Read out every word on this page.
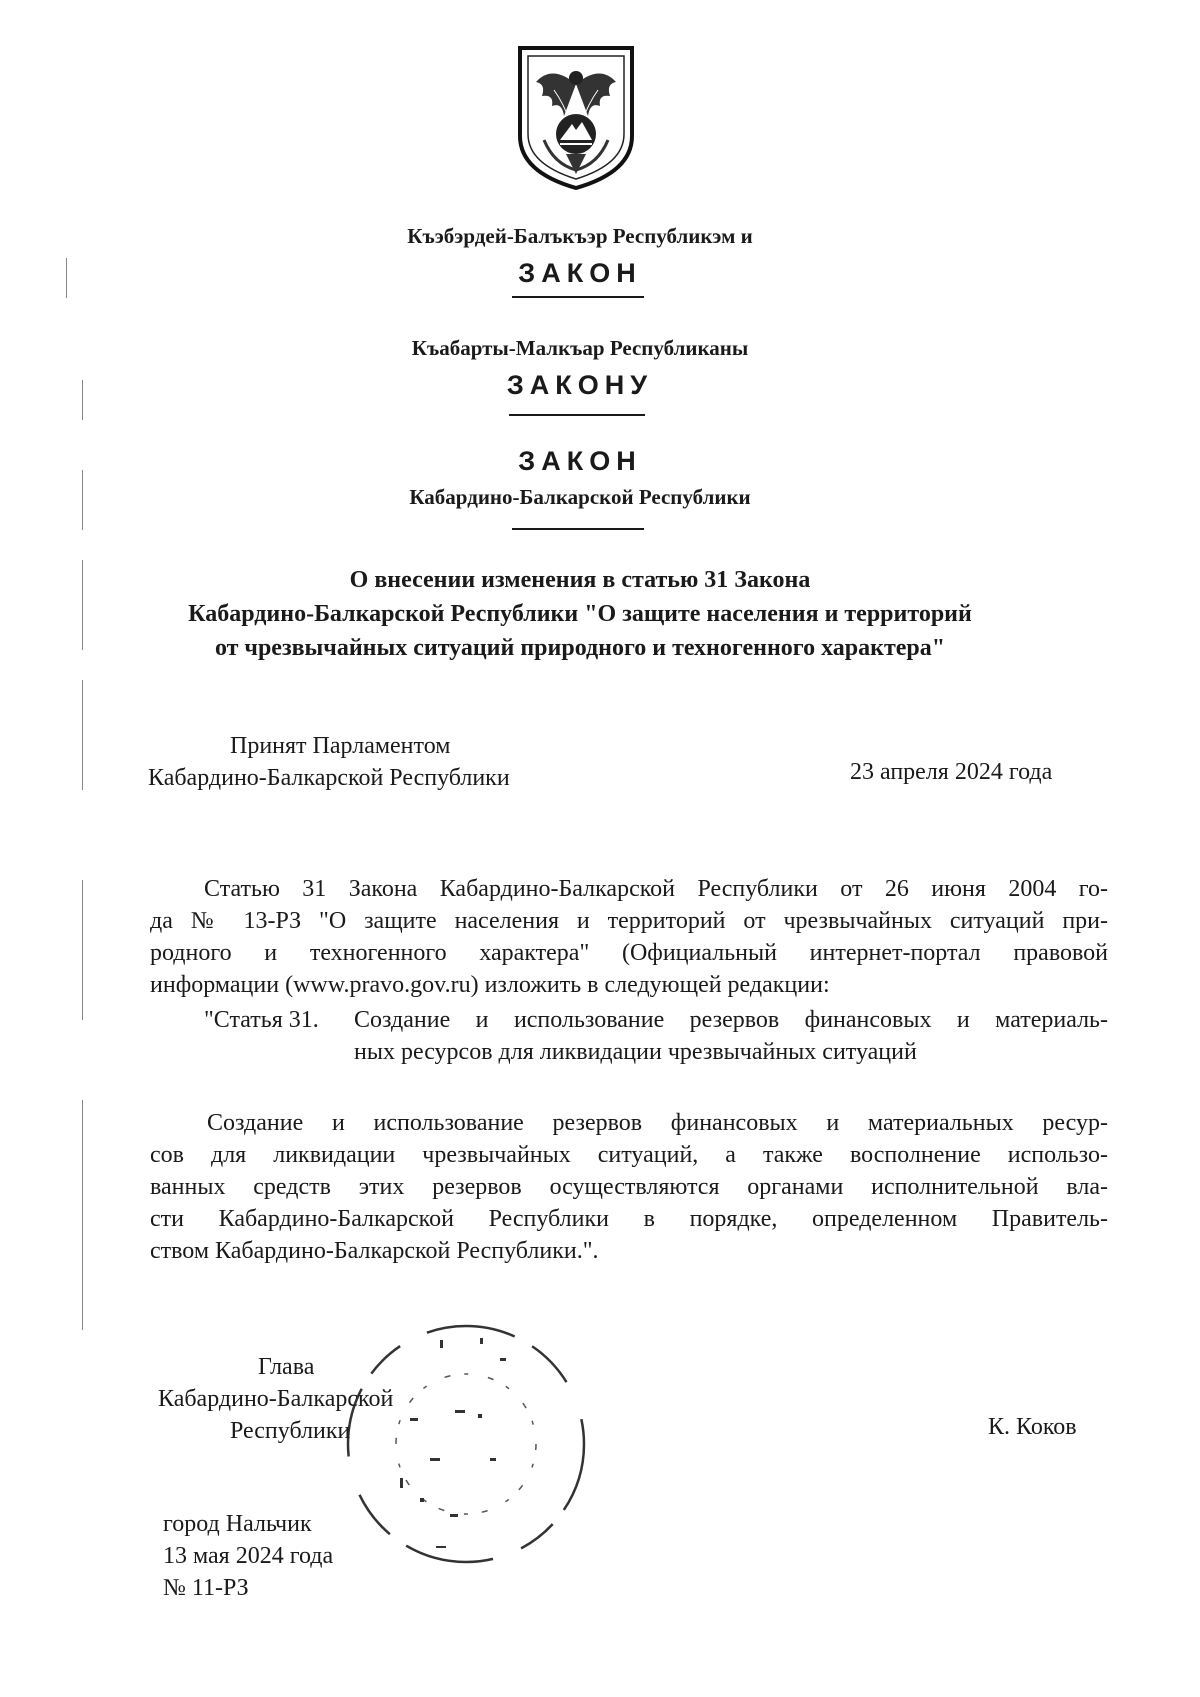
Къэбэрдей-Балъкъэр Республикэм и
ЗАКОН
Къабарты-Малкъар Республиканы
ЗАКОНУ
ЗАКОН
Кабардино-Балкарской Республики
О внесении изменения в статью 31 Закона
Кабардино-Балкарской Республики "О защите населения и территорий
от чрезвычайных ситуаций природного и техногенного характера"
Принят Парламентом
Кабардино-Балкарской Республики	23 апреля 2024 года
Статью 31 Закона Кабардино-Балкарской Республики от 26 июня 2004 го-
да № 13-РЗ "О защите населения и территорий от чрезвычайных ситуаций при-
родного и техногенного характера" (Официальный интернет-портал правовой
информации (www.pravo.gov.ru) изложить в следующей редакции:
"Статья 31. Создание и использование резервов финансовых и материаль-
ных ресурсов для ликвидации чрезвычайных ситуаций
Создание и использование резервов финансовых и материальных ресур-
сов для ликвидации чрезвычайных ситуаций, а также восполнение использо-
ванных средств этих резервов осуществляются органами исполнительной вла-
сти Кабардино-Балкарской Республики в порядке, определенном Правитель-
ством Кабардино-Балкарской Республики.".
Глава
Кабардино-Балкарской
Республики	К. Коков
город Нальчик
13 мая 2024 года
№ 11-РЗ
